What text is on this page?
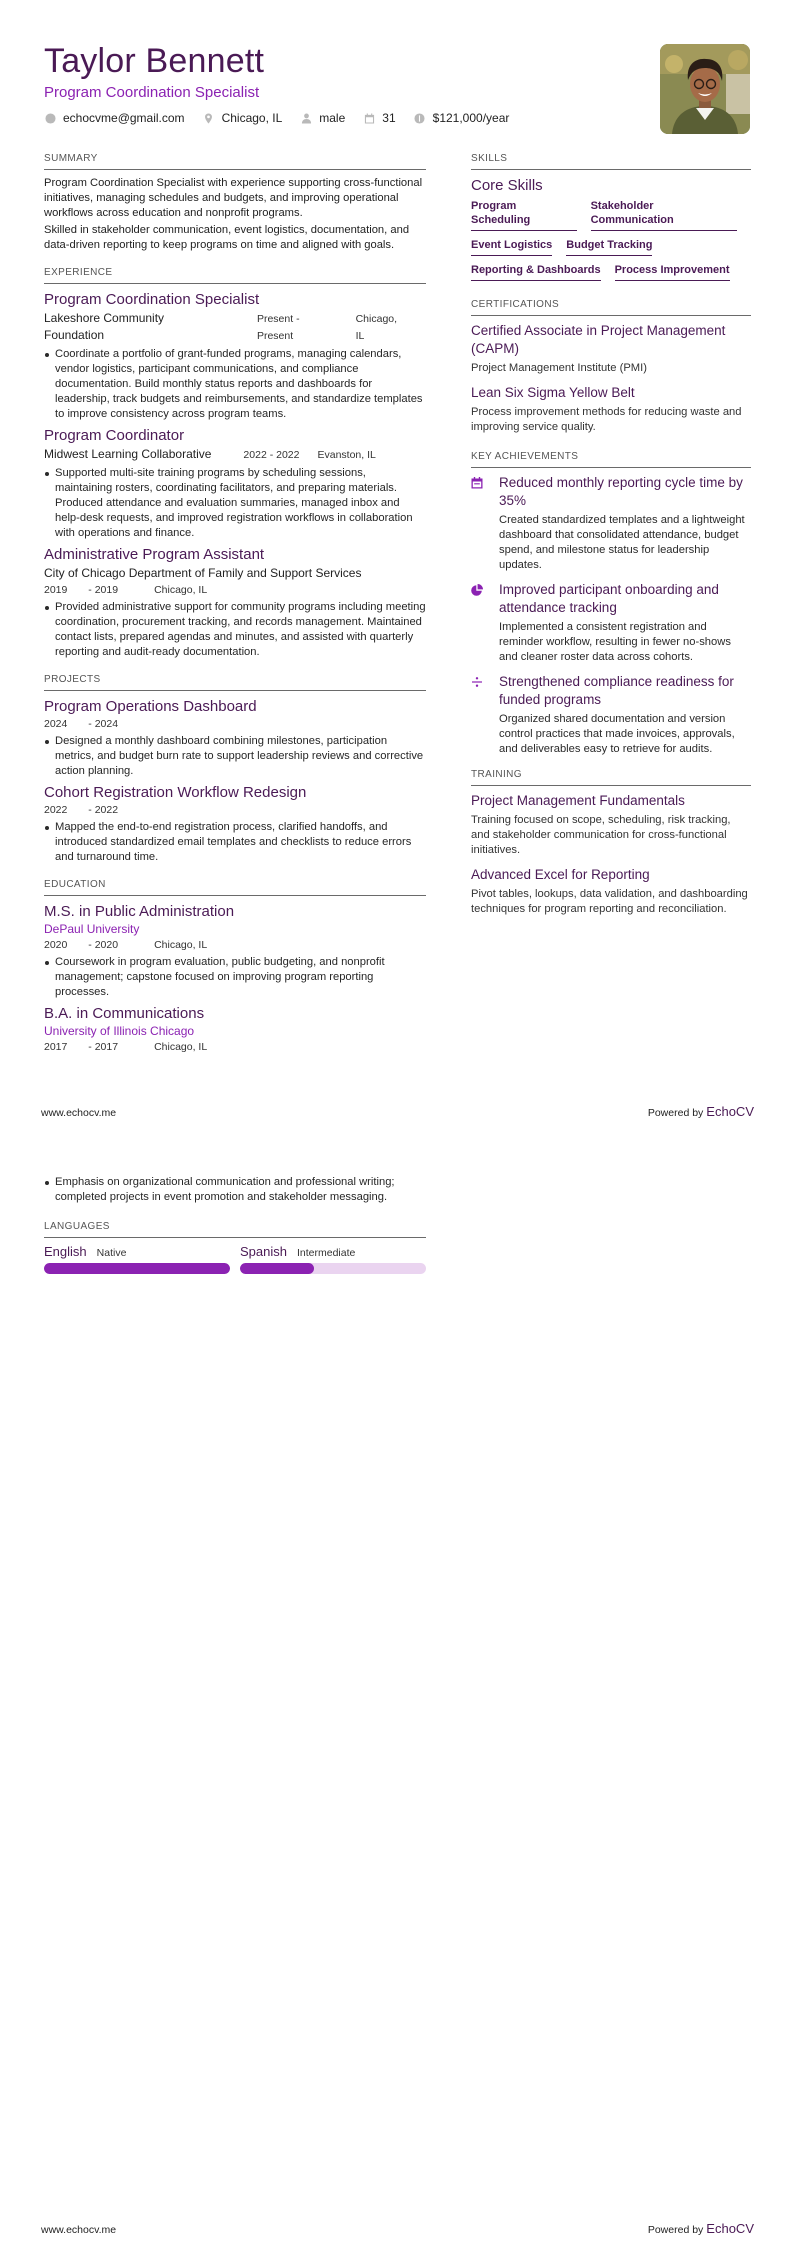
Taylor Bennett
Program Coordination Specialist
echocvme@gmail.com	Chicago, IL	male	31	$121,000/year
SUMMARY

Program Coordination Specialist with experience supporting cross-functional initiatives, managing schedules and budgets, and improving operational workflows across education and nonprofit programs.

Skilled in stakeholder communication, event logistics, documentation, and data-driven reporting to keep programs on time and aligned with goals.

EXPERIENCE
Program Coordination Specialist
Lakeshore Community Foundation
Present - Present
Chicago, IL
Coordinate a portfolio of grant-funded programs, managing calendars, vendor logistics, participant communications, and compliance documentation. Build monthly status reports and dashboards for leadership, track budgets and reimbursements, and standardize templates to improve consistency across program teams.
Program Coordinator
Midwest Learning Collaborative	2022 - 2022 Evanston, IL
Supported multi-site training programs by scheduling sessions, maintaining rosters, coordinating facilitators, and preparing materials. Produced attendance and evaluation summaries, managed inbox and help-desk requests, and improved registration workflows in collaboration with operations and finance.
Administrative Program Assistant
City of Chicago Department of Family and Support Services
2019 - 2019	Chicago, IL
Provided administrative support for community programs including meeting coordination, procurement tracking, and records management. Maintained contact lists, prepared agendas and minutes, and assisted with quarterly reporting and audit-ready documentation.
PROJECTS
Program Operations Dashboard
2024 - 2024
Designed a monthly dashboard combining milestones, participation metrics, and budget burn rate to support leadership reviews and corrective action planning.
Cohort Registration Workflow Redesign
2022 - 2022
Mapped the end-to-end registration process, clarified handoffs, and introduced standardized email templates and checklists to reduce errors and turnaround time.
EDUCATION
M.S. in Public Administration
DePaul University
2020 - 2020	Chicago, IL
Coursework in program evaluation, public budgeting, and nonprofit management; capstone focused on improving program reporting processes.
B.A. in Communications
University of Illinois Chicago
2017 - 2017	Chicago, IL
SKILLS
Core Skills
Program Scheduling
Stakeholder Communication
Event Logistics Budget Tracking
Reporting & Dashboards Process Improvement
CERTIFICATIONS
Certified Associate in Project Management (CAPM)
Project Management Institute (PMI)
Lean Six Sigma Yellow Belt
Process improvement methods for reducing waste and improving service quality.
KEY ACHIEVEMENTS
Reduced monthly reporting cycle time by 35%
Created standardized templates and a lightweight dashboard that consolidated attendance, budget spend, and milestone status for leadership updates.
Improved participant onboarding and attendance tracking
Implemented a consistent registration and reminder workflow, resulting in fewer no-shows and cleaner roster data across cohorts.
Strengthened compliance readiness for funded programs
Organized shared documentation and version control practices that made invoices, approvals, and deliverables easy to retrieve for audits.
TRAINING
Project Management Fundamentals
Training focused on scope, scheduling, risk tracking, and stakeholder communication for cross-functional initiatives.
Advanced Excel for Reporting
Pivot tables, lookups, data validation, and dashboarding techniques for program reporting and reconciliation.
www.echocv.me	Powered by EchoCV
Emphasis on organizational communication and professional writing; completed projects in event promotion and stakeholder messaging.
LANGUAGES
English Native	Spanish Intermediate
www.echocv.me	Powered by EchoCV
